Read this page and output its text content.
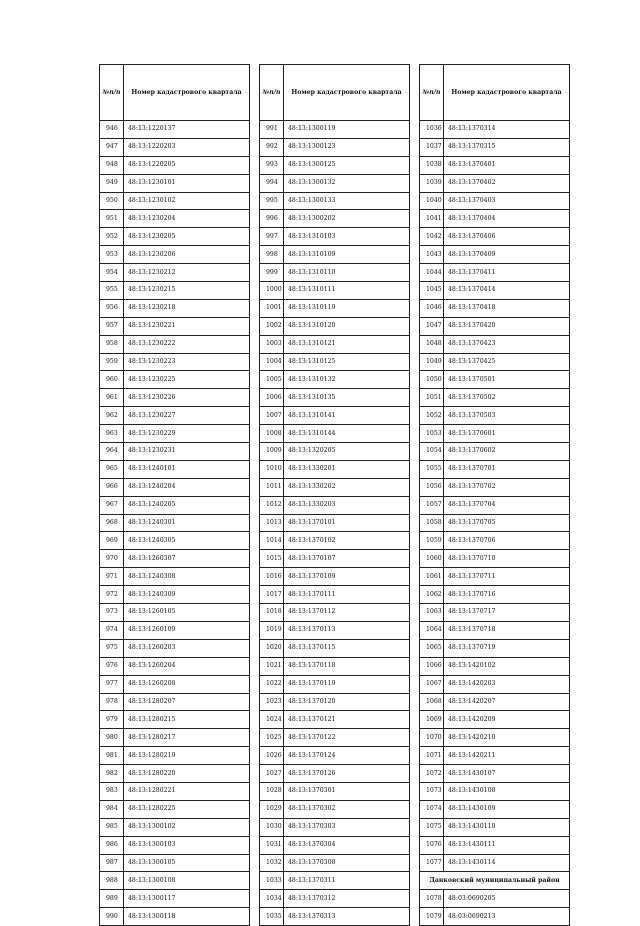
№п/п	Номер кадастрового квартала
946	48:13:1220137
947	48:13:1220203
948	48:13:1220205
949	48:13:1230101
950	48:13:1230102
951	48:13:1230204
952	48:13:1230205
953	48:13:1230206
954	48:13:1230212
955	48:13:1230215
956	48:13:1230218
957	48:13:1230221
958	48:13:1230222
959	48:13:1230223
960	48:13:1230225
961	48:13:1230226
962	48:13:1230227
963	48:13:1230229
964	48:13:1230231
965	48:13:1240101
966	48:13:1240204
967	48:13:1240205
968	48:13:1240301
969	48:13:1240305
970	48:13:1260307
971	48:13:1240308
972	48:13:1240309
973	48:13:1260105
974	48:13:1260109
975	48:13:1260203
976	48:13:1260204
977	48:13:1260208
978	48:13:1280207
979	48:13:1280215
980	48:13:1280217
981	48:13:1280219
982	48:13:1280220
983	48:13:1280221
984	48:13:1280225
985	48:13:1300102
986	48:13:1300103
987	48:13:1300105
988	48:13:1300108
989	48:13:1300117
990	48:13:1300118
№п/п	Номер кадастрового квартала
991	48:13:1300119
992	48:13:1300123
993	48:13:1300125
994	48:13:1300132
995	48:13:1300133
996	48:13:1300202
997	48:13:1310103
998	48:13:1310109
999	48:13:1310110
1000	48:13:1310111
1001	48:13:1310119
1002	48:13:1310120
1003	48:13:1310121
1004	48:13:1310125
1005	48:13:1310132
1006	48:13:1310135
1007	48:13:1310141
1008	48:13:1310144
1009	48:13:1320205
1010	48:13:1330201
1011	48:13:1330202
1012	48:13:1330203
1013	48:13:1370101
1014	48:13:1370102
1015	48:13:1370107
1016	48:13:1370109
1017	48:13:1370111
1018	48:13:1370112
1019	48:13:1370113
1020	48:13:1370115
1021	48:13:1370118
1022	48:13:1370119
1023	48:13:1370120
1024	48:13:1370121
1025	48:13:1370122
1026	48:13:1370124
1027	48:13:1370126
1028	48:13:1370301
1029	48:13:1370302
1030	48:13:1370303
1031	48:13:1370304
1032	48:13:1370308
1033	48:13:1370311
1034	48:13:1370312
1035	48:13:1370313
№п/п	Номер кадастрового квартала
1036	48:13:1370314
1037	48:13:1370315
1038	48:13:1370401
1039	48:13:1370402
1040	48:13:1370403
1041	48:13:1370404
1042	48:13:1370406
1043	48:13:1370409
1044	48:13:1370411
1045	48:13:1370414
1046	48:13:1370418
1047	48:13:1370420
1048	48:13:1370423
1049	48:13:1370425
1050	48:13:1370501
1051	48:13:1370502
1052	48:13:1370503
1053	48:13:1370601
1054	48:13:1370602
1055	48:13:1370701
1056	48:13:1370702
1057	48:13:1370704
1058	48:13:1370705
1059	48:13:1370706
1060	48:13:1370710
1061	48:13:1370711
1062	48:13:1370716
1063	48:13:1370717
1064	48:13:1370718
1065	48:13:1370719
1066	48:13:1420102
1067	48:13:1420203
1068	48:13:1420207
1069	48:13:1420209
1070	48:13:1420210
1071	48:13:1420211
1072	48:13:1430107
1073	48:13:1430108
1074	48:13:1430109
1075	48:13:1430110
1076	48:13:1430111
1077	48:13:1430114
Данковский муниципальный район	
1078	48:03:0690205
1079	48:03:0690213
